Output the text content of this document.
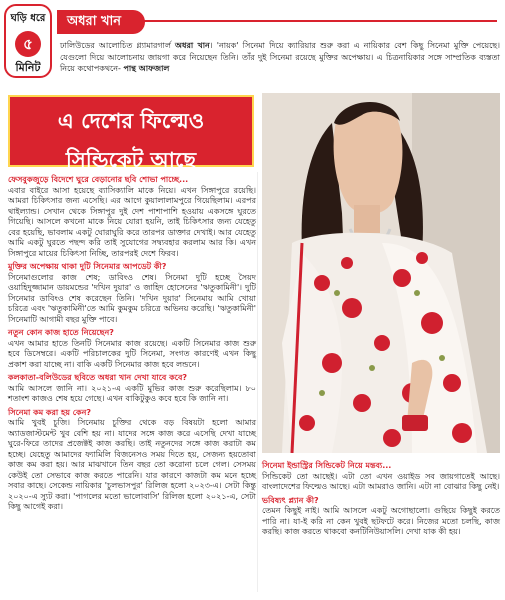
ঘড়ি ধরে
৫
মিনিট
অধরা খান
ঢালিউডের আলোচিত গ্ল্যামারগার্ল অধরা খান। 'নায়ক' সিনেমা দিয়ে ক্যারিয়ার শুরু করা এ নায়িকার বেশ কিছু সিনেমা মুক্তি পেয়েছে। যেগুলো দিয়ে আলোচনায় জায়গা করে নিয়েছেন তিনি। তাঁর দুই সিনেমা রয়েছে মুক্তির অপেক্ষায়। এ চিত্রনায়িকার সঙ্গে সাম্প্রতিক ব্যস্ততা নিয়ে কথোপকথনে- পান্থ আফজাল
এ দেশের ফিল্মেও
সিন্ডিকেট আছে
ফেসবুকজুড়ে বিদেশে ঘুরে বেড়ানোর ছবি শোভা পাচ্ছে...
এবার বাইরে আসা হয়েছে ব্যাসিক্যালি মাকে নিয়ে। এখন সিঙ্গাপুরে রয়েছি। আমরা চিকিৎসার জন্য এসেছি। এর আগে কুয়ালালামপুরে গিয়েছিলাম। এরপর থাইল্যান্ড। সেখান থেকে সিঙ্গাপুর দুই দেশ পাশাপাশি হওয়ায় একসঙ্গে ঘুরতে গিয়েছি। আসলে কখনো মাকে নিয়ে যোরা হয়নি, তাই চিকিৎসার জন্য যেহেতু বের হয়েছি, ভাবলাম একটু ঘোরাঘুরি করে তারপর ডাক্তার দেখাই। আর যেহেতু আমি একটু ঘুরতে পছন্দ করি তাই সুযোগের সদ্ব্যবহার করলাম আর কি। এখন সিঙ্গাপুরে মায়ের চিকিৎসা নিচ্ছি, তারপরই দেশে ফিরব।
মুক্তির অপেক্ষায় থাকা দুটি সিনেমার আপডেট কী?
সিনেমাগুলোর কাজ শেষ; ডাবিংও শেষ। সিনেমা দুটি হচ্ছে সৈয়দ ওয়াহিদুজ্জামান ডায়মন্ডের 'দখিন দুয়ার' ও জাহিদ হোসেনের 'ঋতুকামিনী'। দুটি সিনেমার ডাবিংও শেষ করেছেন তিনি। 'দখিন দুয়ার' সিনেমায় আমি খোয়া চরিত্রে এবং 'ঋতুকামিনী'তে আমি কুমকুম চরিত্রে অভিনয় করেছি। 'ঋতুকামিনী' সিনেমাটি আগামী বছর মুক্তি পাবে।
নতুন কোন কাজ হাতে নিয়েছেন?
এখন আমার হাতে তিনটি সিনেমার কাজ রয়েছে। একটি সিনেমার কাজ শুরু হবে ডিসেম্বরে। একটি পরিচালকের দুটি সিনেমা, সংগত কারণেই এখন কিছু প্রকাশ করা যাচ্ছে না। বাকি একটি সিনেমার কাজ হবে লন্ডনে।
কলকাতা-বলিউডের ছবিতে অধরা খান দেখা যাবে কবে?
আমি আসলে জানি না। ২০২১-এ একটি মুভির কাজ শুরু করেছিলাম। ৮০ শতাংশ কাজও শেষ হয়ে গেছে। এখন বাকিটুকুও কবে হবে কি জানি না।
সিনেমা কম করা হয় কেন?
আমি খুবই চুজি। সিনেমায় চুক্তির থেকে বড় বিষয়টা হলো আমার অ্যাডজাস্টমেন্ট খুব বেশি হয় না। যাদের সঙ্গে কাজ করে এসেছি দেখা যাচ্ছে ঘুরে-ফিরে তাদের প্রজেক্টই কাজ করছি। তাই নতুনদের সঙ্গে কাজ করাটা কম হচ্ছে। যেহেতু আমাদের ফ্যামিলি বিজনেসও সময় দিতে হয়, সেজন্য হয়তোবা কাজ কম করা হয়। আর মাঝখানে তিন বছর তো করোনা চলে গেল। সেসময় কেউই তো সেভাবে কাজ করতে পারেনি। যার কারণে কাজটা কম মনে হচ্ছে সবার কাছে। সেকেন্ড নায়িকার 'চুলভাসপুর' রিলিজ হলো ২০২৩-এ। সেটা কিন্তু ২০২০-এ স্যুট করা। 'পাগলের মতো ভালোবাসি' রিলিজ হলো ২০২১-এ, সেটা কিছু আগেই করা।
সিনেমা ইন্ডাস্ট্রির সিন্ডিকেট নিয়ে মন্তব্য...
সিন্ডিকেট তো আছেই। এটা তো এখন ওয়াইড সব জায়গাতেই আছে। বাংলাদেশের ফিল্মেও আছে। এটা আমরাও জানি। এটা না বোঝার কিছু নেই।
ভবিষ্যৎ প্ল্যান কী?
তেমন কিছুই নাই। আমি আসলে একটু অগোছালো। গুছিয়ে কিছুই করতে পারি না। যা-ই করি না কেন খুবই ছটফটে করে। নিজের মতো চলছি, কাজ করছি। কাজ করতে থাকবো কনটিনিউয়াসলি। দেখা যাক কী হয়।
